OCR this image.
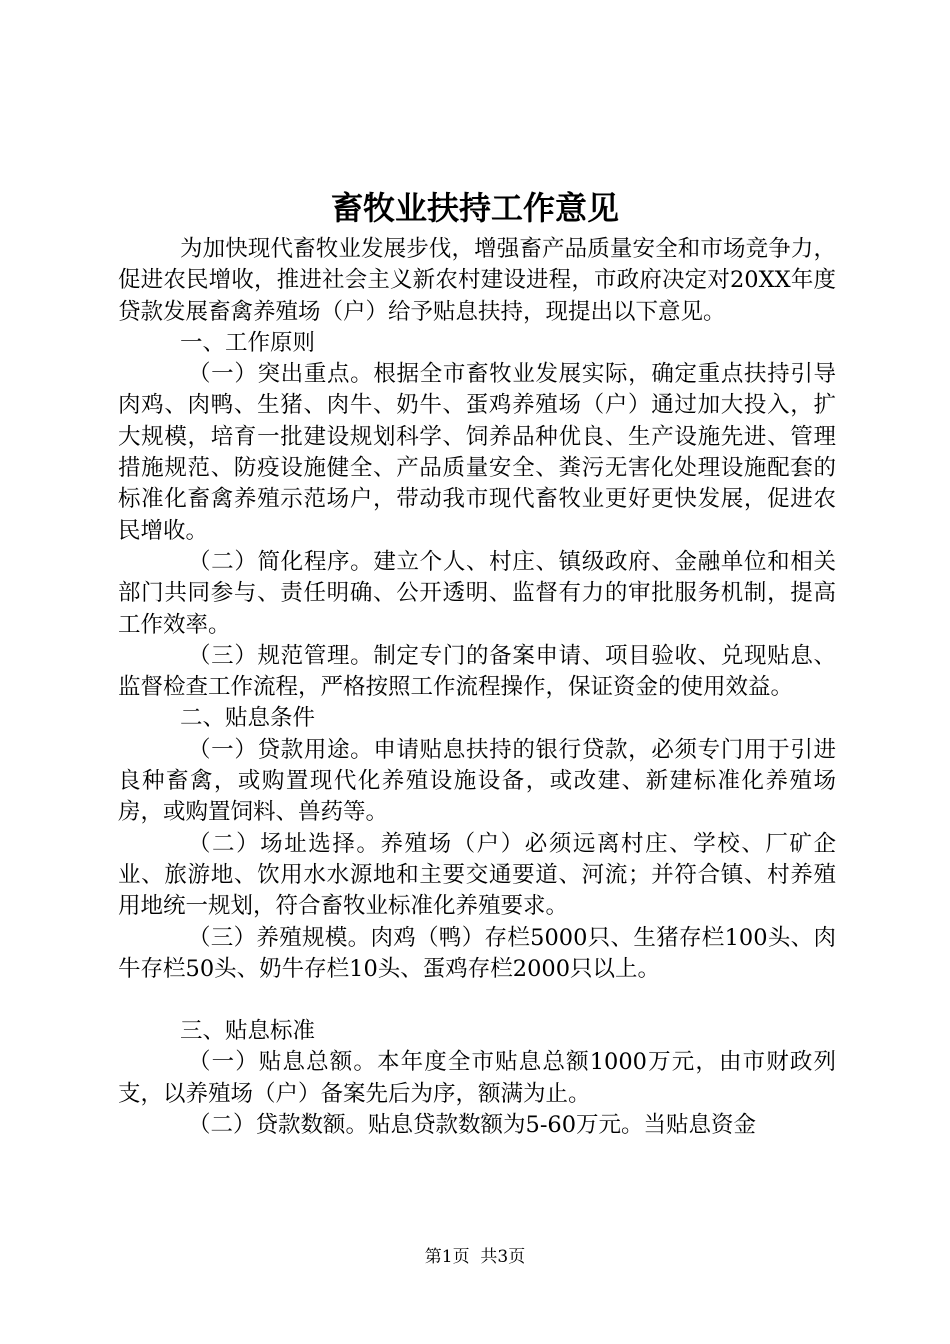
畜牧业扶持工作意见

为加快现代畜牧业发展步伐，增强畜产品质量安全和市场竞争力，促进农民增收，推进社会主义新农村建设进程，市政府决定对20XX年度贷款发展畜禽养殖场（户）给予贴息扶持，现提出以下意见。

一、工作原则

（一）突出重点。根据全市畜牧业发展实际，确定重点扶持引导肉鸡、肉鸭、生猪、肉牛、奶牛、蛋鸡养殖场（户）通过加大投入，扩大规模，培育一批建设规划科学、饲养品种优良、生产设施先进、管理措施规范、防疫设施健全、产品质量安全、粪污无害化处理设施配套的标准化畜禽养殖示范场户，带动我市现代畜牧业更好更快发展，促进农民增收。

（二）简化程序。建立个人、村庄、镇级政府、金融单位和相关部门共同参与、责任明确、公开透明、监督有力的审批服务机制，提高工作效率。

（三）规范管理。制定专门的备案申请、项目验收、兑现贴息、监督检查工作流程，严格按照工作流程操作，保证资金的使用效益。

二、贴息条件

（一）贷款用途。申请贴息扶持的银行贷款，必须专门用于引进良种畜禽，或购置现代化养殖设施设备，或改建、新建标准化养殖场房，或购置饲料、兽药等。

（二）场址选择。养殖场（户）必须远离村庄、学校、厂矿企业、旅游地、饮用水水源地和主要交通要道、河流；并符合镇、村养殖用地统一规划，符合畜牧业标准化养殖要求。

（三）养殖规模。肉鸡（鸭）存栏5000只、生猪存栏100头、肉牛存栏50头、奶牛存栏10头、蛋鸡存栏2000只以上。

三、贴息标准

（一）贴息总额。本年度全市贴息总额1000万元，由市财政列支，以养殖场（户）备案先后为序，额满为止。

（二）贷款数额。贴息贷款数额为5-60万元。当贴息资金

第1页 共3页
